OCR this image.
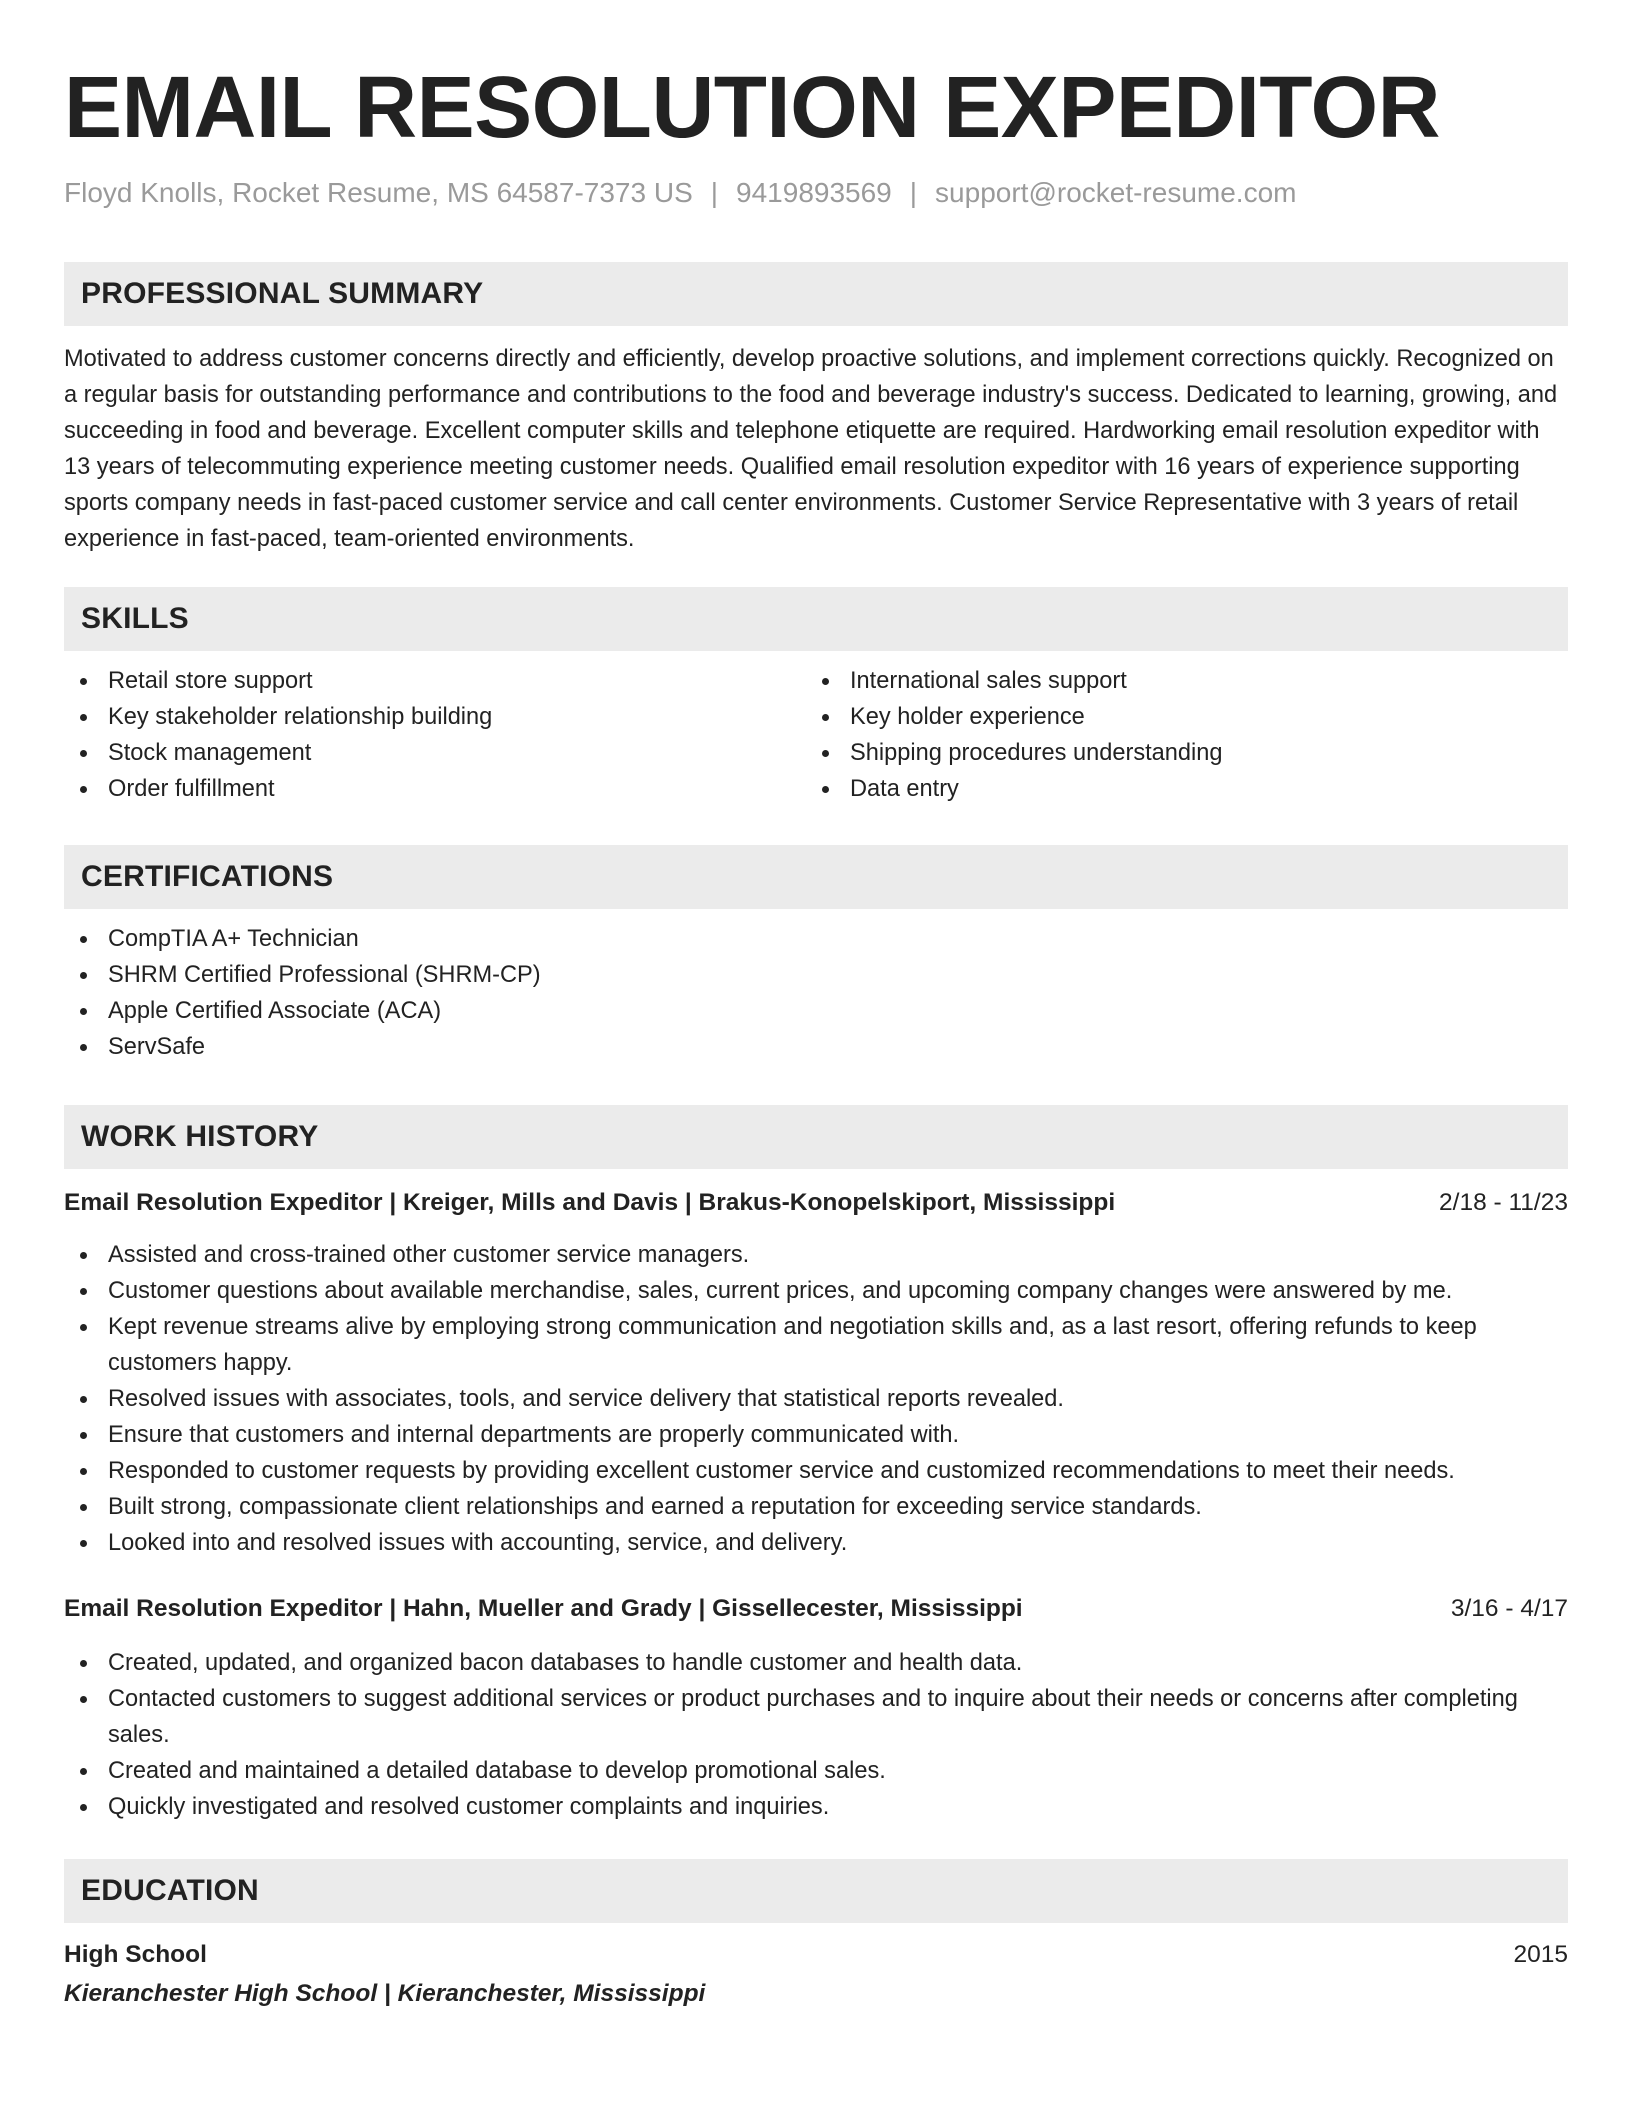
EMAIL RESOLUTION EXPEDITOR
Floyd Knolls, Rocket Resume, MS 64587-7373 US | 9419893569 | support@rocket-resume.com
PROFESSIONAL SUMMARY

Motivated to address customer concerns directly and efficiently, develop proactive solutions, and implement corrections quickly. Recognized on a regular basis for outstanding performance and contributions to the food and beverage industry's success. Dedicated to learning, growing, and succeeding in food and beverage. Excellent computer skills and telephone etiquette are required. Hardworking email resolution expeditor with 13 years of telecommuting experience meeting customer needs. Qualified email resolution expeditor with 16 years of experience supporting sports company needs in fast-paced customer service and call center environments. Customer Service Representative with 3 years of retail experience in fast-paced, team-oriented environments.

SKILLS
Retail store support
Key stakeholder relationship building
Stock management
Order fulfillment
International sales support
Key holder experience
Shipping procedures understanding
Data entry
CERTIFICATIONS
CompTIA A+ Technician
SHRM Certified Professional (SHRM-CP)
Apple Certified Associate (ACA)
ServSafe
WORK HISTORY
Email Resolution Expeditor | Kreiger, Mills and Davis | Brakus-Konopelskiport, Mississippi	2/18 - 11/23
Assisted and cross-trained other customer service managers.
Customer questions about available merchandise, sales, current prices, and upcoming company changes were answered by me.
Kept revenue streams alive by employing strong communication and negotiation skills and, as a last resort, offering refunds to keep customers happy.
Resolved issues with associates, tools, and service delivery that statistical reports revealed.
Ensure that customers and internal departments are properly communicated with.
Responded to customer requests by providing excellent customer service and customized recommendations to meet their needs.
Built strong, compassionate client relationships and earned a reputation for exceeding service standards.
Looked into and resolved issues with accounting, service, and delivery.
Email Resolution Expeditor | Hahn, Mueller and Grady | Gissellecester, Mississippi	3/16 - 4/17
Created, updated, and organized bacon databases to handle customer and health data.
Contacted customers to suggest additional services or product purchases and to inquire about their needs or concerns after completing sales.
Created and maintained a detailed database to develop promotional sales.
Quickly investigated and resolved customer complaints and inquiries.
EDUCATION
High School	2015
Kieranchester High School | Kieranchester, Mississippi
